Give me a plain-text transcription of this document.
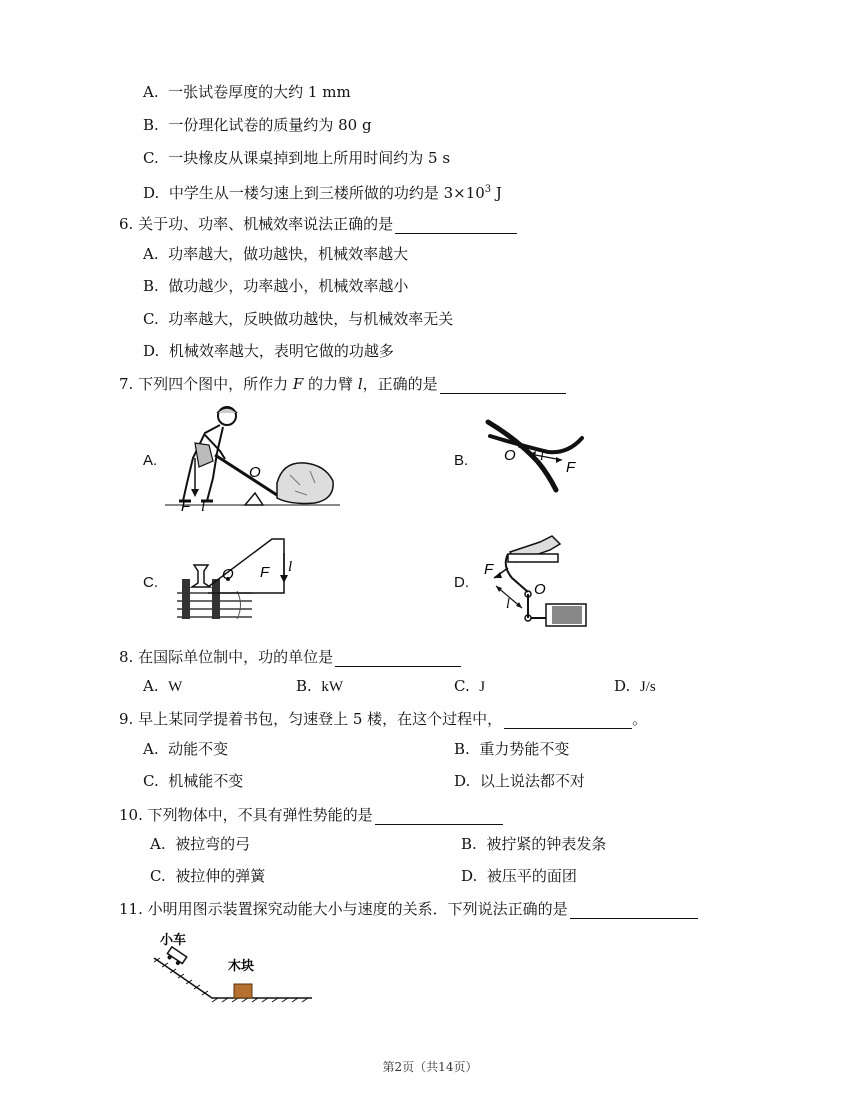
A. 一张试卷厚度的大约 1 mm
B. 一份理化试卷的质量约为 80 g
C. 一块橡皮从课桌掉到地上所用时间约为 5 s
D. 中学生从一楼匀速上到三楼所做的功约是 $3\times 10^3$ J
6. 关于功、功率、机械效率说法正确的是
A. 功率越大，做功越快，机械效率越大
B. 做功越少，功率越小，机械效率越小
C. 功率越大，反映做功越快，与机械效率无关
D. 机械效率越大，表明它做的功越多
7. 下列四个图中，所作力 F 的力臂 l，正确的是
A.
O
F l
B. O l
F
C.	O F l
D.
F
O
l
8. 在国际单位制中，功的单位是
A. W	B. kW	C. J	D. J/s
9. 早上某同学提着书包，匀速登上 5 楼，在这个过程中，	。
A. 动能不变	B. 重力势能不变
C. 机械能不变	D. 以上说法都不对
10. 下列物体中，不具有弹性势能的是
A. 被拉弯的弓	B. 被拧紧的钟表发条
C. 被拉伸的弹簧	D. 被压平的面团
11. 小明用图示装置探究动能大小与速度的关系．下列说法正确的是
小车
木块
第2页（共14页）
